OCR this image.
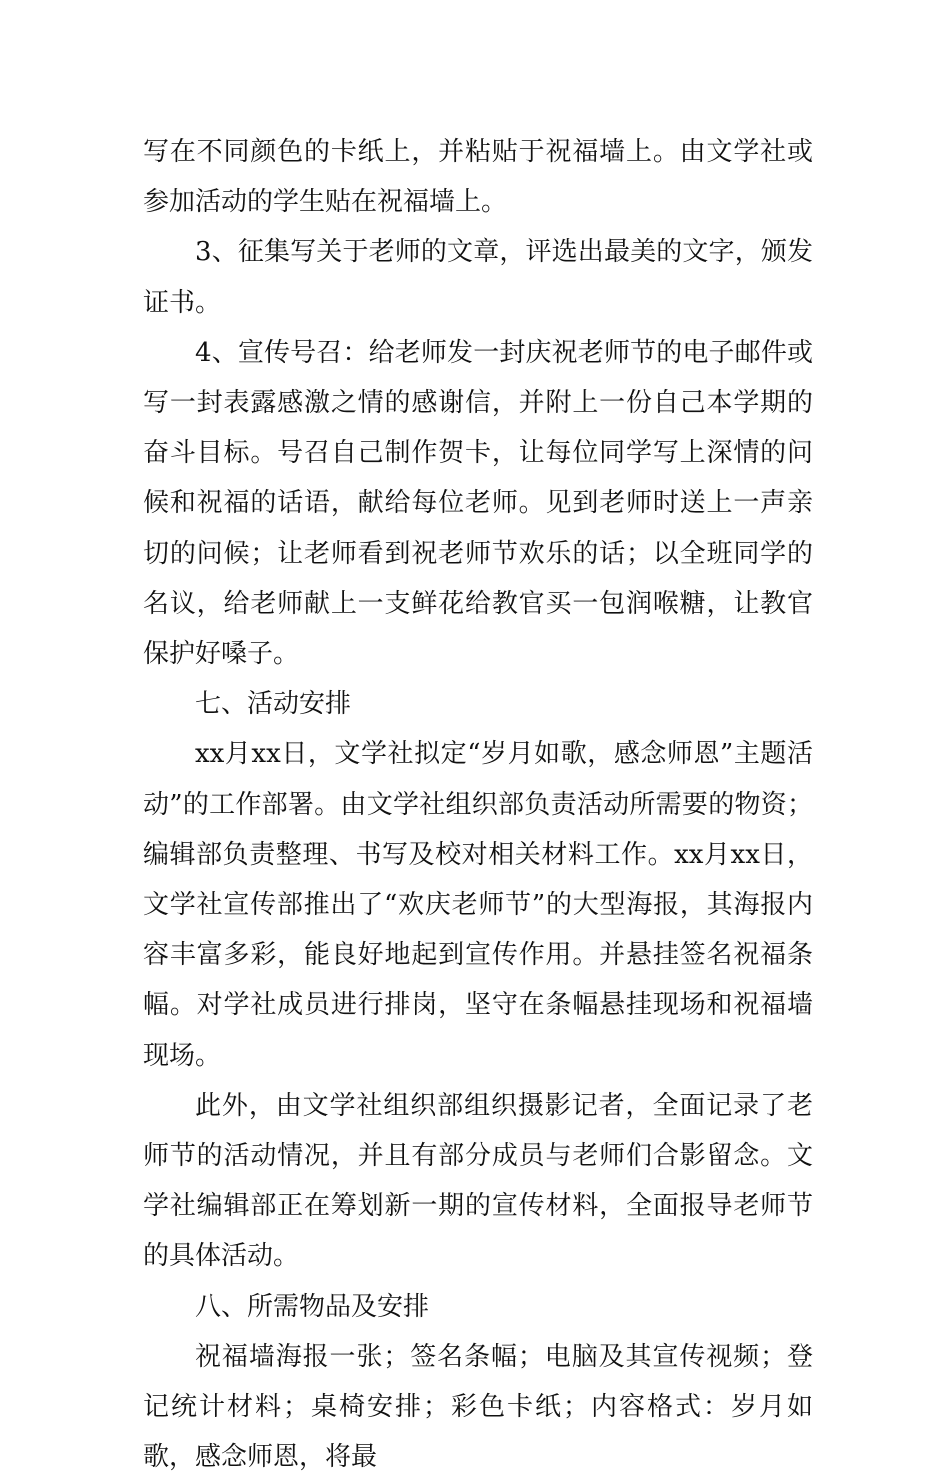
写在不同颜色的卡纸上，并粘贴于祝福墙上。由文学社或参加活动的学生贴在祝福墙上。

3、征集写关于老师的文章，评选出最美的文字，颁发证书。

4、宣传号召：给老师发一封庆祝老师节的电子邮件或写一封表露感激之情的感谢信，并附上一份自己本学期的奋斗目标。号召自己制作贺卡，让每位同学写上深情的问候和祝福的话语，献给每位老师。见到老师时送上一声亲切的问候；让老师看到祝老师节欢乐的话；以全班同学的名议，给老师献上一支鲜花给教官买一包润喉糖，让教官保护好嗓子。

七、活动安排

xx月xx日，文学社拟定“岁月如歌，感念师恩”主题活动”的工作部署。由文学社组织部负责活动所需要的物资；编辑部负责整理、书写及校对相关材料工作。xx月xx日，文学社宣传部推出了“欢庆老师节”的大型海报，其海报内容丰富多彩，能良好地起到宣传作用。并悬挂签名祝福条幅。对学社成员进行排岗，坚守在条幅悬挂现场和祝福墙现场。

此外，由文学社组织部组织摄影记者，全面记录了老师节的活动情况，并且有部分成员与老师们合影留念。文学社编辑部正在筹划新一期的宣传材料，全面报导老师节的具体活动。

八、所需物品及安排

祝福墙海报一张；签名条幅；电脑及其宣传视频；登记统计材料；桌椅安排；彩色卡纸；内容格式：岁月如歌，感念师恩，将最
